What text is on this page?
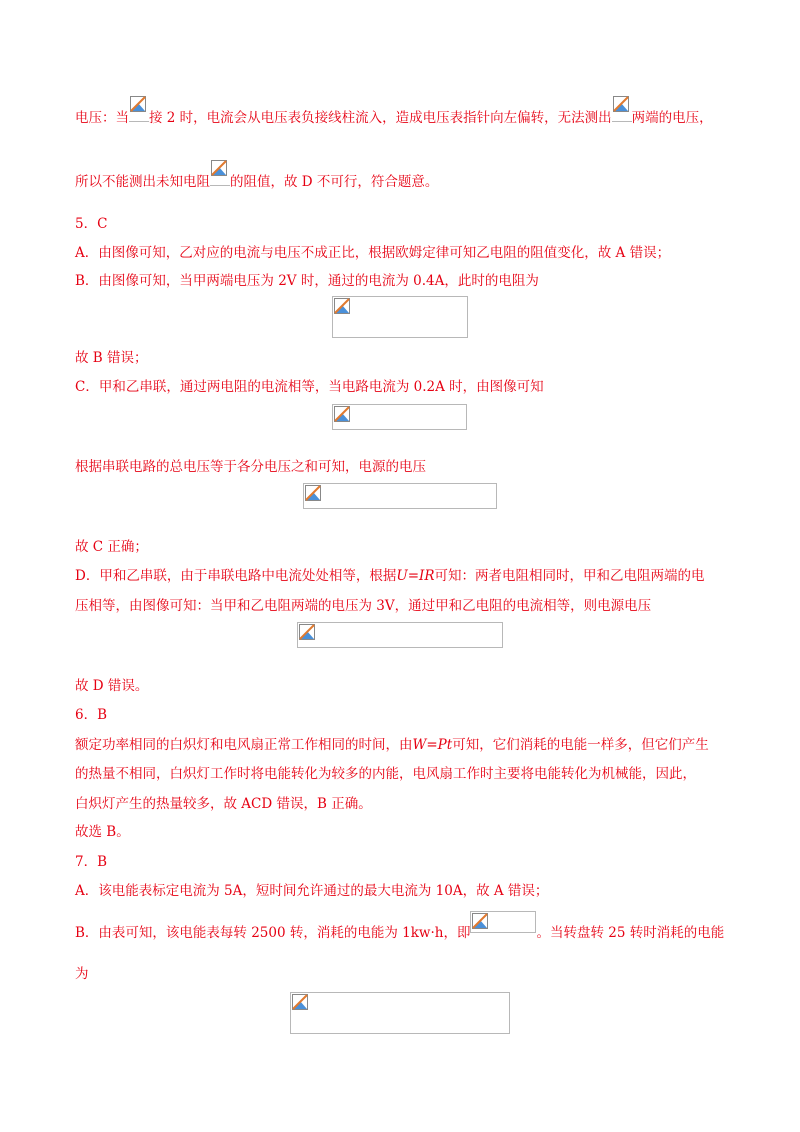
电压：当 接 2 时，电流会从电压表负接线柱流入，造成电压表指针向左偏转，无法测出 两端的电压，
所以不能测出未知电阻 的阻值，故 D 不可行，符合题意。
5．C
A．由图像可知，乙对应的电流与电压不成正比，根据欧姆定律可知乙电阻的阻值变化，故 A 错误；
B．由图像可知，当甲两端电压为 2V 时，通过的电流为 0.4A，此时的电阻为
故 B 错误；
C．甲和乙串联，通过两电阻的电流相等，当电路电流为 0.2A 时，由图像可知
根据串联电路的总电压等于各分电压之和可知，电源的电压
故 C 正确；
D．甲和乙串联，由于串联电路中电流处处相等，根据U=IR可知：两者电阻相同时，甲和乙电阻两端的电
压相等，由图像可知：当甲和乙电阻两端的电压为 3V，通过甲和乙电阻的电流相等，则电源电压
故 D 错误。
6．B
额定功率相同的白炽灯和电风扇正常工作相同的时间，由W=Pt可知，它们消耗的电能一样多，但它们产生
的热量不相同，白炽灯工作时将电能转化为较多的内能，电风扇工作时主要将电能转化为机械能，因此，
白炽灯产生的热量较多，故 ACD 错误，B 正确。
故选 B。
7．B
A．该电能表标定电流为 5A，短时间允许通过的最大电流为 10A，故 A 错误；
B．由表可知，该电能表每转 2500 转，消耗的电能为 1kw·h，即	。当转盘转 25 转时消耗的电能
为
